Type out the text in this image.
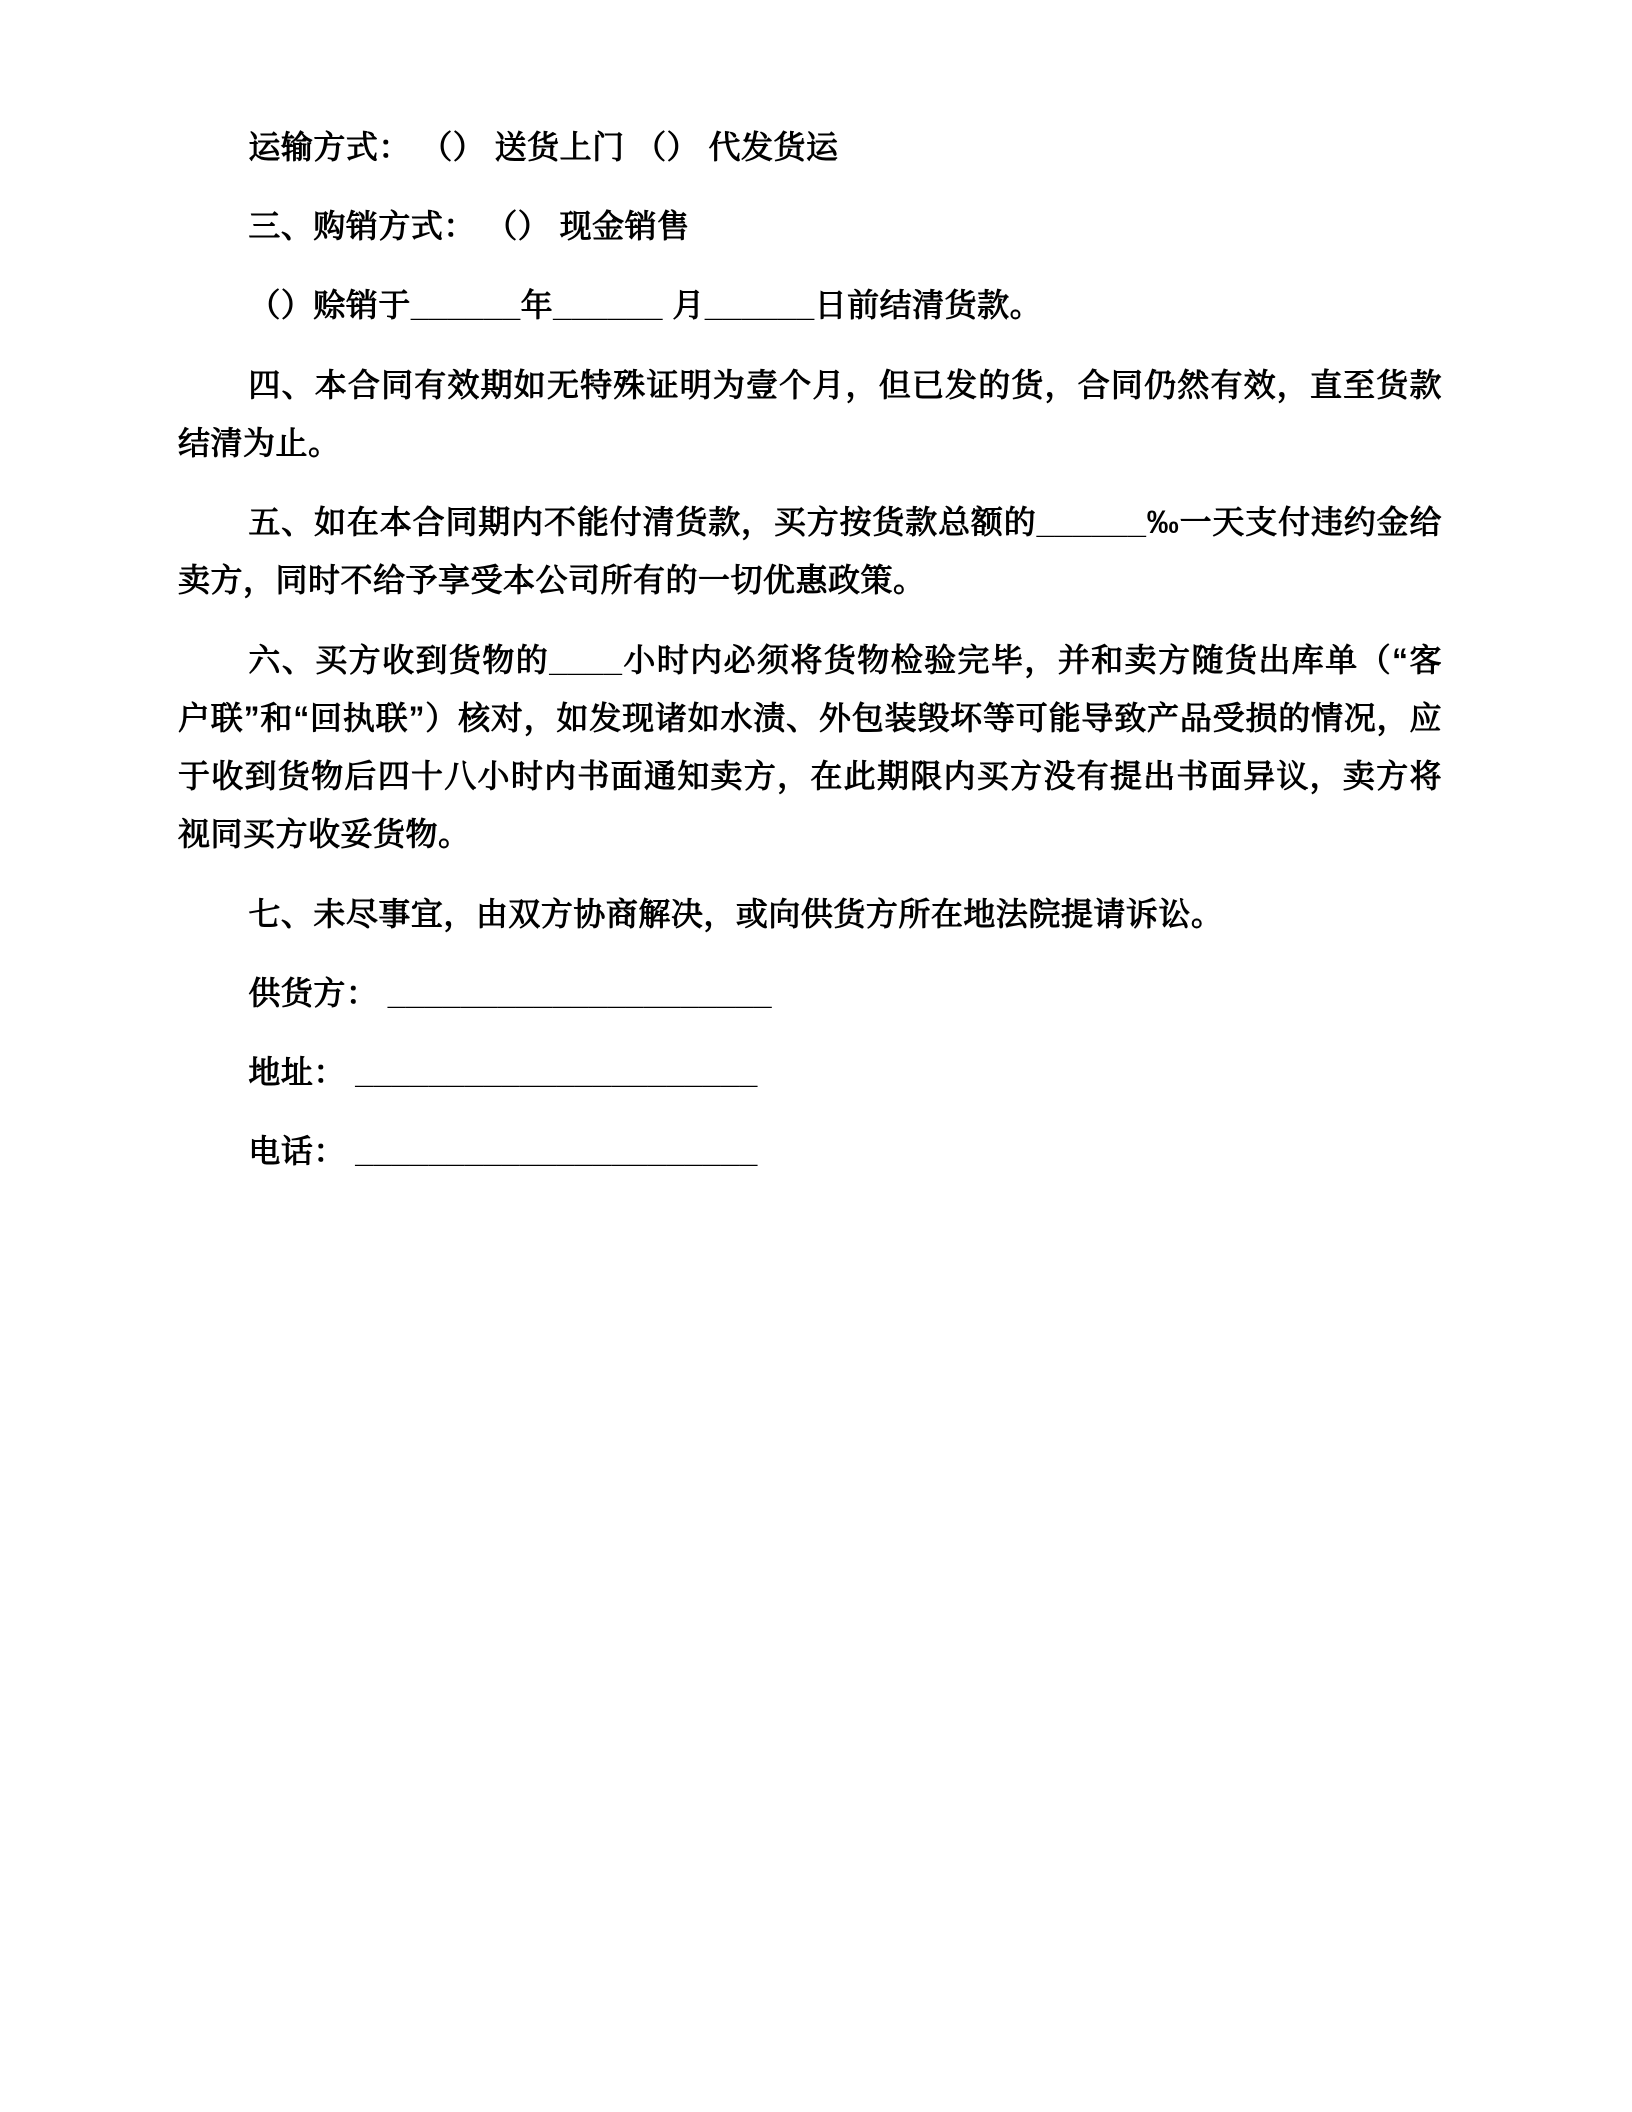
运输方式： （） 送货上门 （） 代发货运

三、购销方式： （） 现金销售

（）赊销于______年______ 月______日前结清货款。

四、本合同有效期如无特殊证明为壹个月，但已发的货，合同仍然有效，直至货款结清为止。

五、如在本合同期内不能付清货款，买方按货款总额的______‰一天支付违约金给卖方，同时不给予享受本公司所有的一切优惠政策。

六、买方收到货物的____小时内必须将货物检验完毕，并和卖方随货出库单（“客户联”和“回执联”）核对，如发现诸如水渍、外包装毁坏等可能导致产品受损的情况，应于收到货物后四十八小时内书面通知卖方，在此期限内买方没有提出书面异议，卖方将视同买方收妥货物。

七、未尽事宜，由双方协商解决，或向供货方所在地法院提请诉讼。

供货方： _____________________

地址： ______________________

电话： ______________________
